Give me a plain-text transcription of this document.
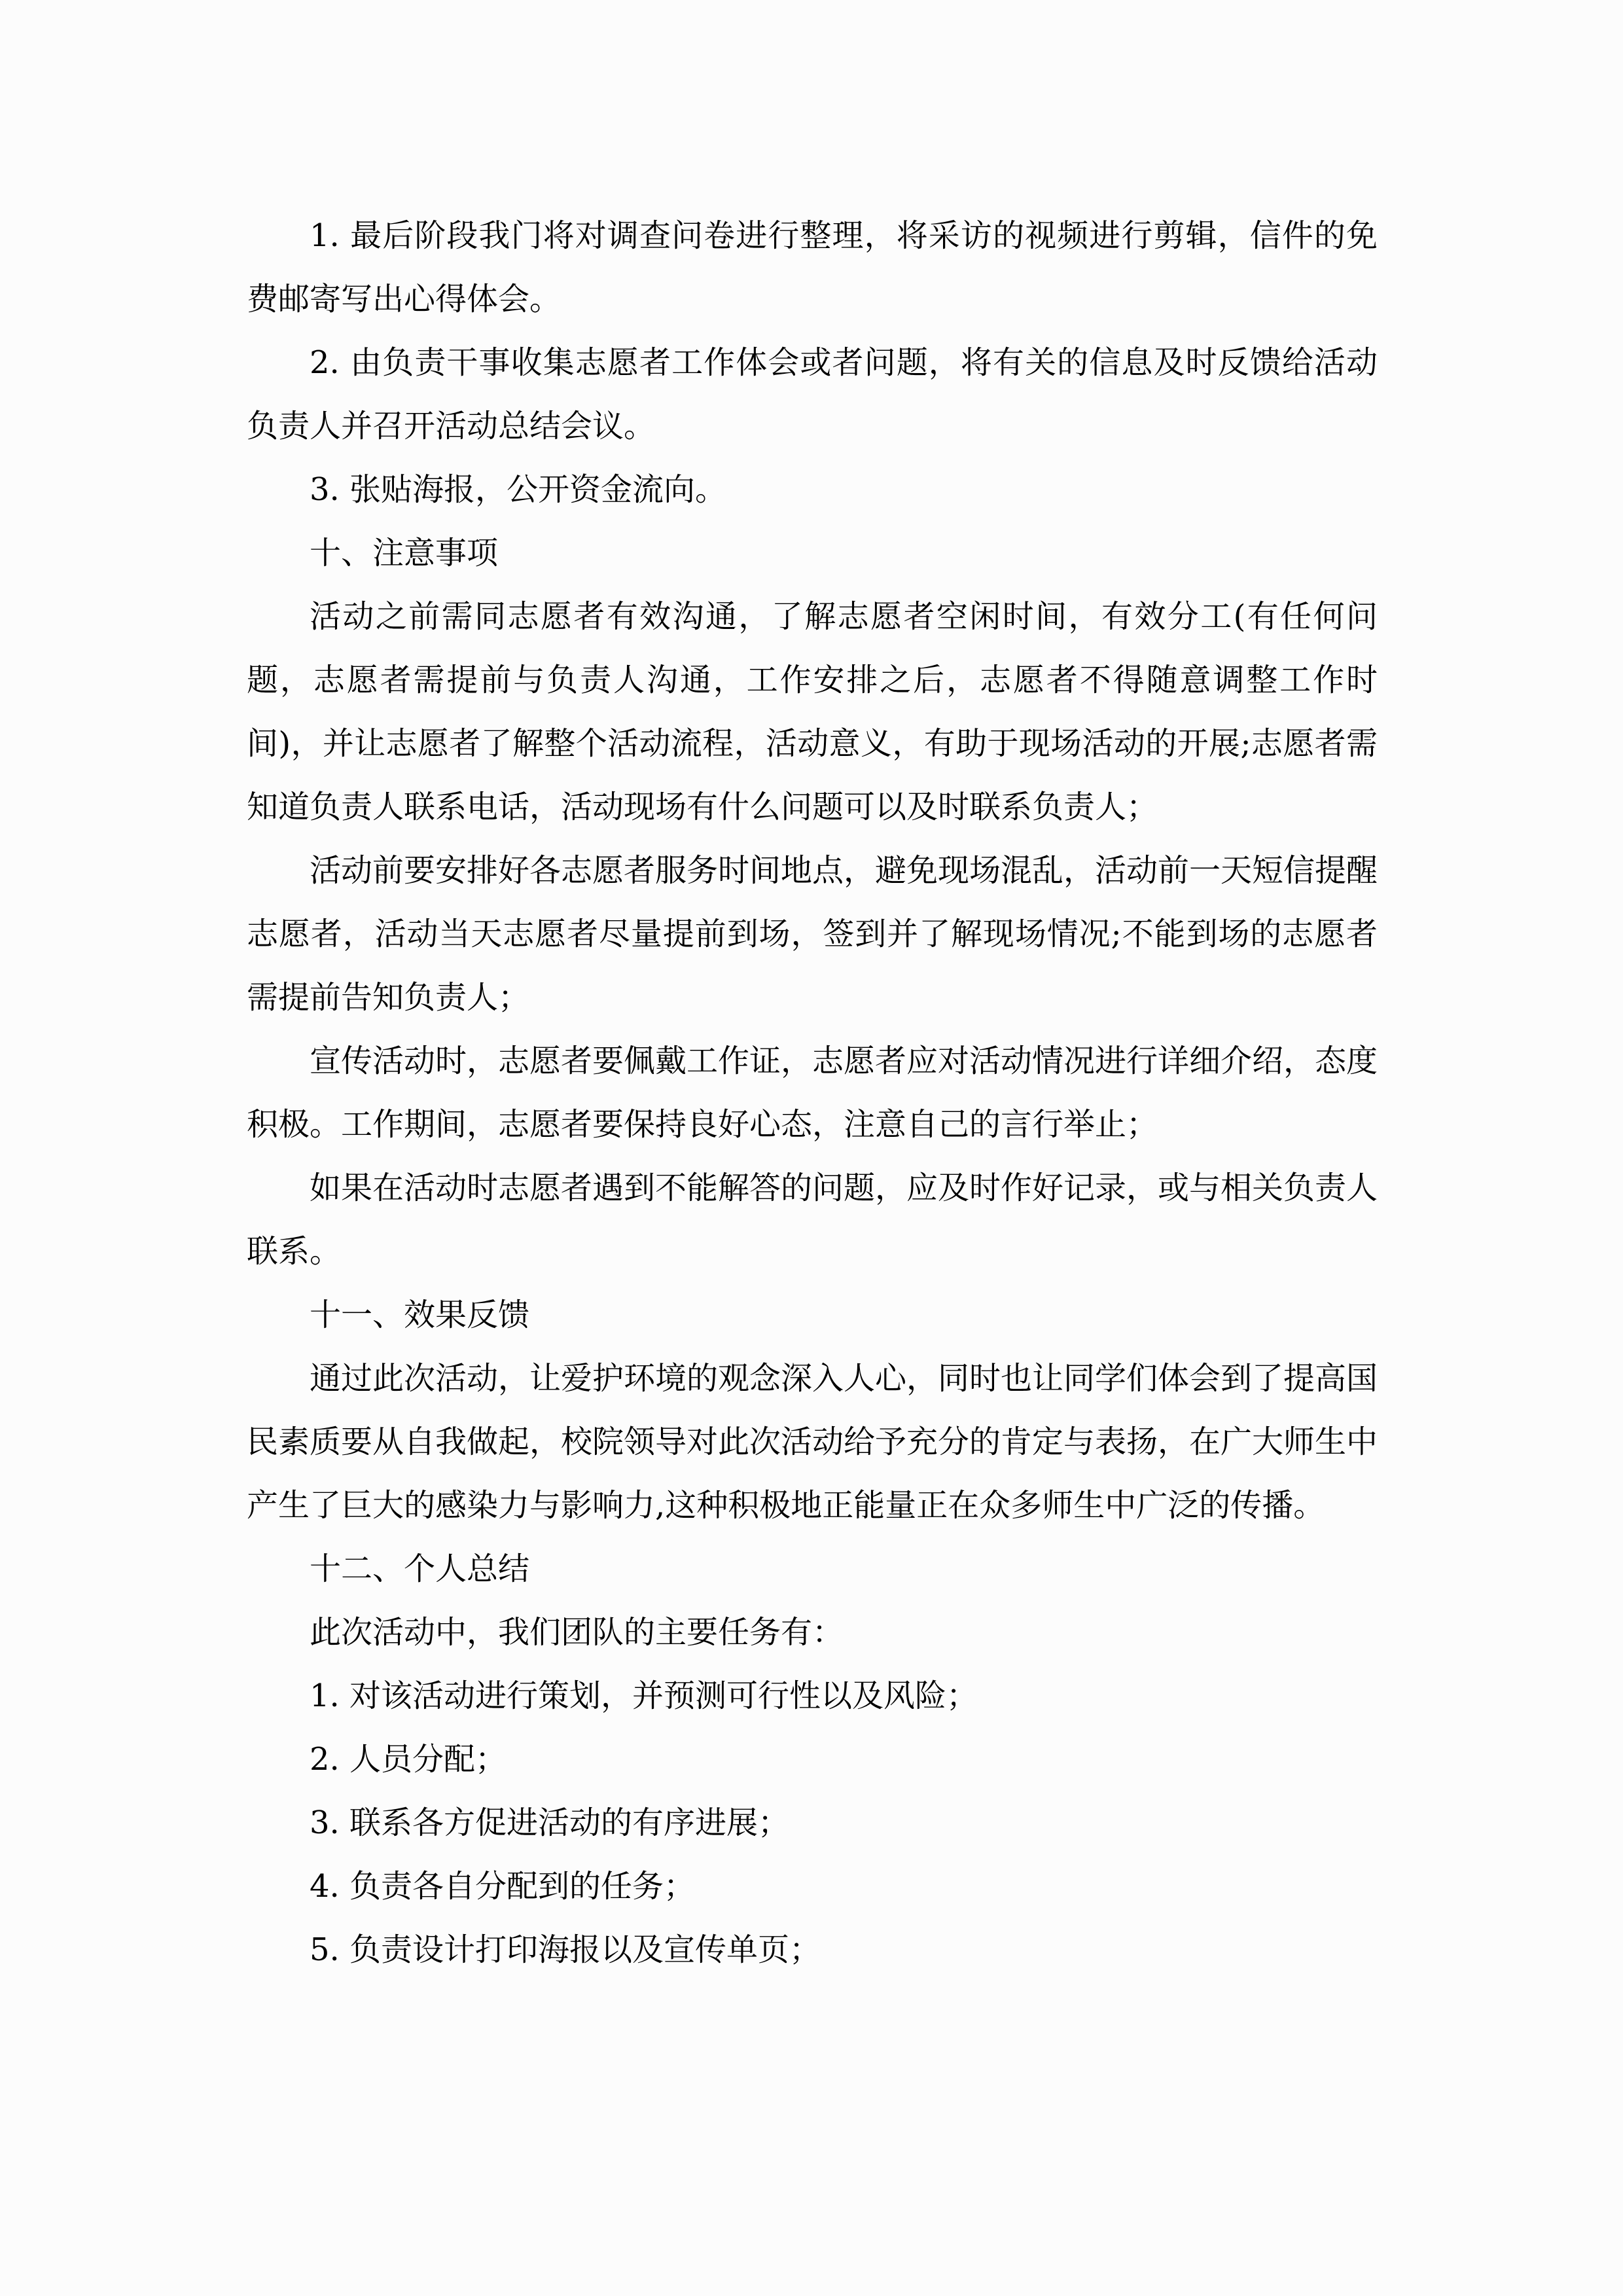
1. 最后阶段我门将对调查问卷进行整理，将采访的视频进行剪辑，信件的免费邮寄写出心得体会。

2. 由负责干事收集志愿者工作体会或者问题，将有关的信息及时反馈给活动负责人并召开活动总结会议。

3. 张贴海报，公开资金流向。

十、注意事项

活动之前需同志愿者有效沟通，了解志愿者空闲时间，有效分工(有任何问题，志愿者需提前与负责人沟通，工作安排之后，志愿者不得随意调整工作时间)，并让志愿者了解整个活动流程，活动意义，有助于现场活动的开展;志愿者需知道负责人联系电话，活动现场有什么问题可以及时联系负责人；

活动前要安排好各志愿者服务时间地点，避免现场混乱，活动前一天短信提醒志愿者，活动当天志愿者尽量提前到场，签到并了解现场情况;不能到场的志愿者需提前告知负责人；

宣传活动时，志愿者要佩戴工作证，志愿者应对活动情况进行详细介绍，态度积极。工作期间，志愿者要保持良好心态，注意自己的言行举止；

如果在活动时志愿者遇到不能解答的问题，应及时作好记录，或与相关负责人联系。

十一、效果反馈

通过此次活动，让爱护环境的观念深入人心，同时也让同学们体会到了提高国民素质要从自我做起，校院领导对此次活动给予充分的肯定与表扬，在广大师生中产生了巨大的感染力与影响力,这种积极地正能量正在众多师生中广泛的传播。

十二、个人总结

此次活动中，我们团队的主要任务有：

1. 对该活动进行策划，并预测可行性以及风险；

2. 人员分配；

3. 联系各方促进活动的有序进展；

4. 负责各自分配到的任务；

5. 负责设计打印海报以及宣传单页；
